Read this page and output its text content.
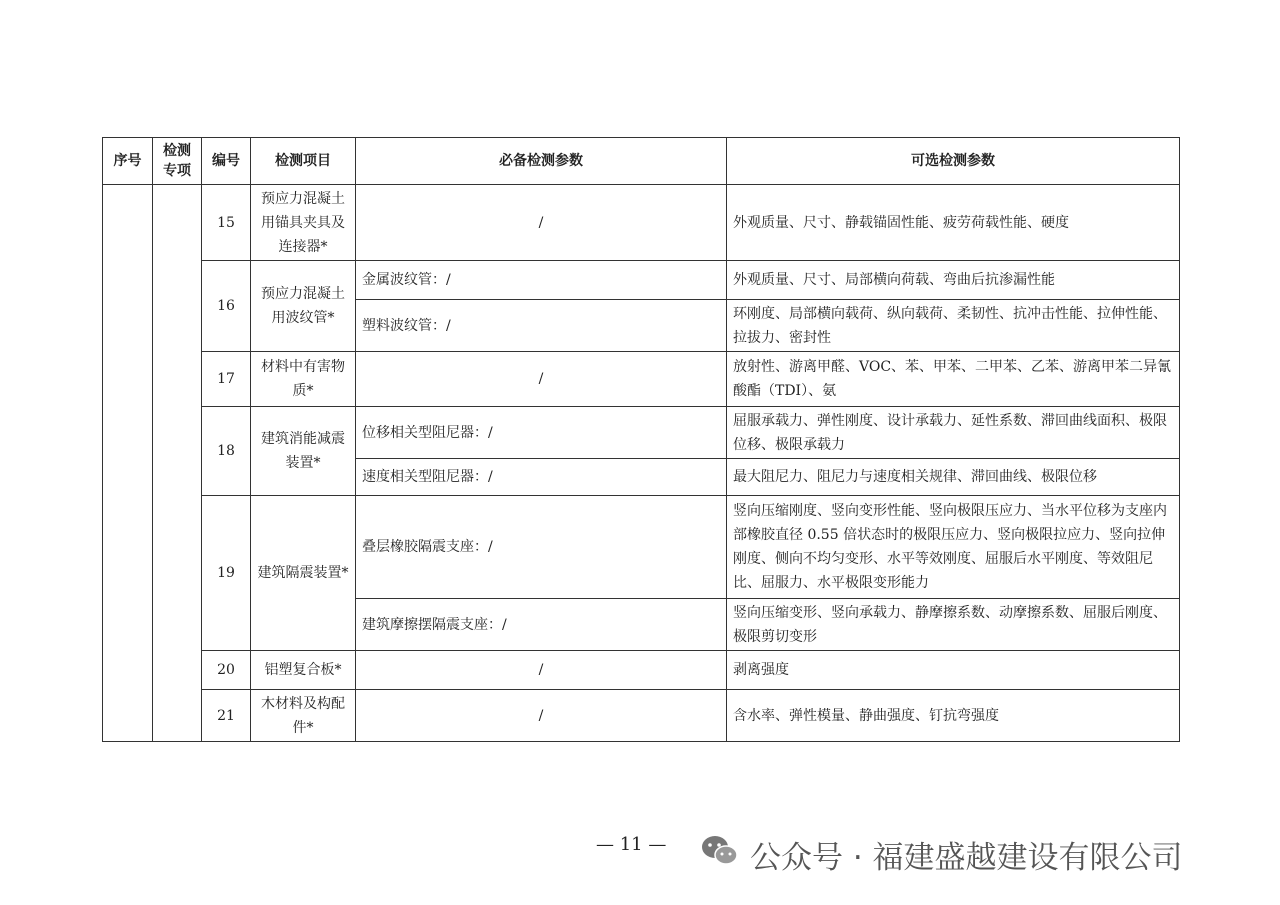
序号	检测专项	编号	检测项目	必备检测参数	可选检测参数
		15	预应力混凝土用锚具夹具及连接器*	/	外观质量、尺寸、静载锚固性能、疲劳荷载性能、硬度
		16	预应力混凝土用波纹管*	金属波纹管：/	外观质量、尺寸、局部横向荷载、弯曲后抗渗漏性能
				塑料波纹管：/	环刚度、局部横向载荷、纵向载荷、柔韧性、抗冲击性能、拉伸性能、拉拔力、密封性
		17	材料中有害物质*	/	放射性、游离甲醛、VOC、苯、甲苯、二甲苯、乙苯、游离甲苯二异氰酸酯（TDI）、氨
		18	建筑消能减震装置*	位移相关型阻尼器：/	屈服承载力、弹性刚度、设计承载力、延性系数、滞回曲线面积、极限位移、极限承载力
				速度相关型阻尼器：/	最大阻尼力、阻尼力与速度相关规律、滞回曲线、极限位移
		19	建筑隔震装置*	叠层橡胶隔震支座：/	竖向压缩刚度、竖向变形性能、竖向极限压应力、当水平位移为支座内部橡胶直径 0.55 倍状态时的极限压应力、竖向极限拉应力、竖向拉伸刚度、侧向不均匀变形、水平等效刚度、屈服后水平刚度、等效阻尼比、屈服力、水平极限变形能力
				建筑摩擦摆隔震支座：/	竖向压缩变形、竖向承载力、静摩擦系数、动摩擦系数、屈服后刚度、极限剪切变形
		20	铝塑复合板*	/	剥离强度
		21	木材料及构配件*	/	含水率、弹性模量、静曲强度、钉抗弯强度
— 11 —	公众号 · 福建盛越建设有限公司
